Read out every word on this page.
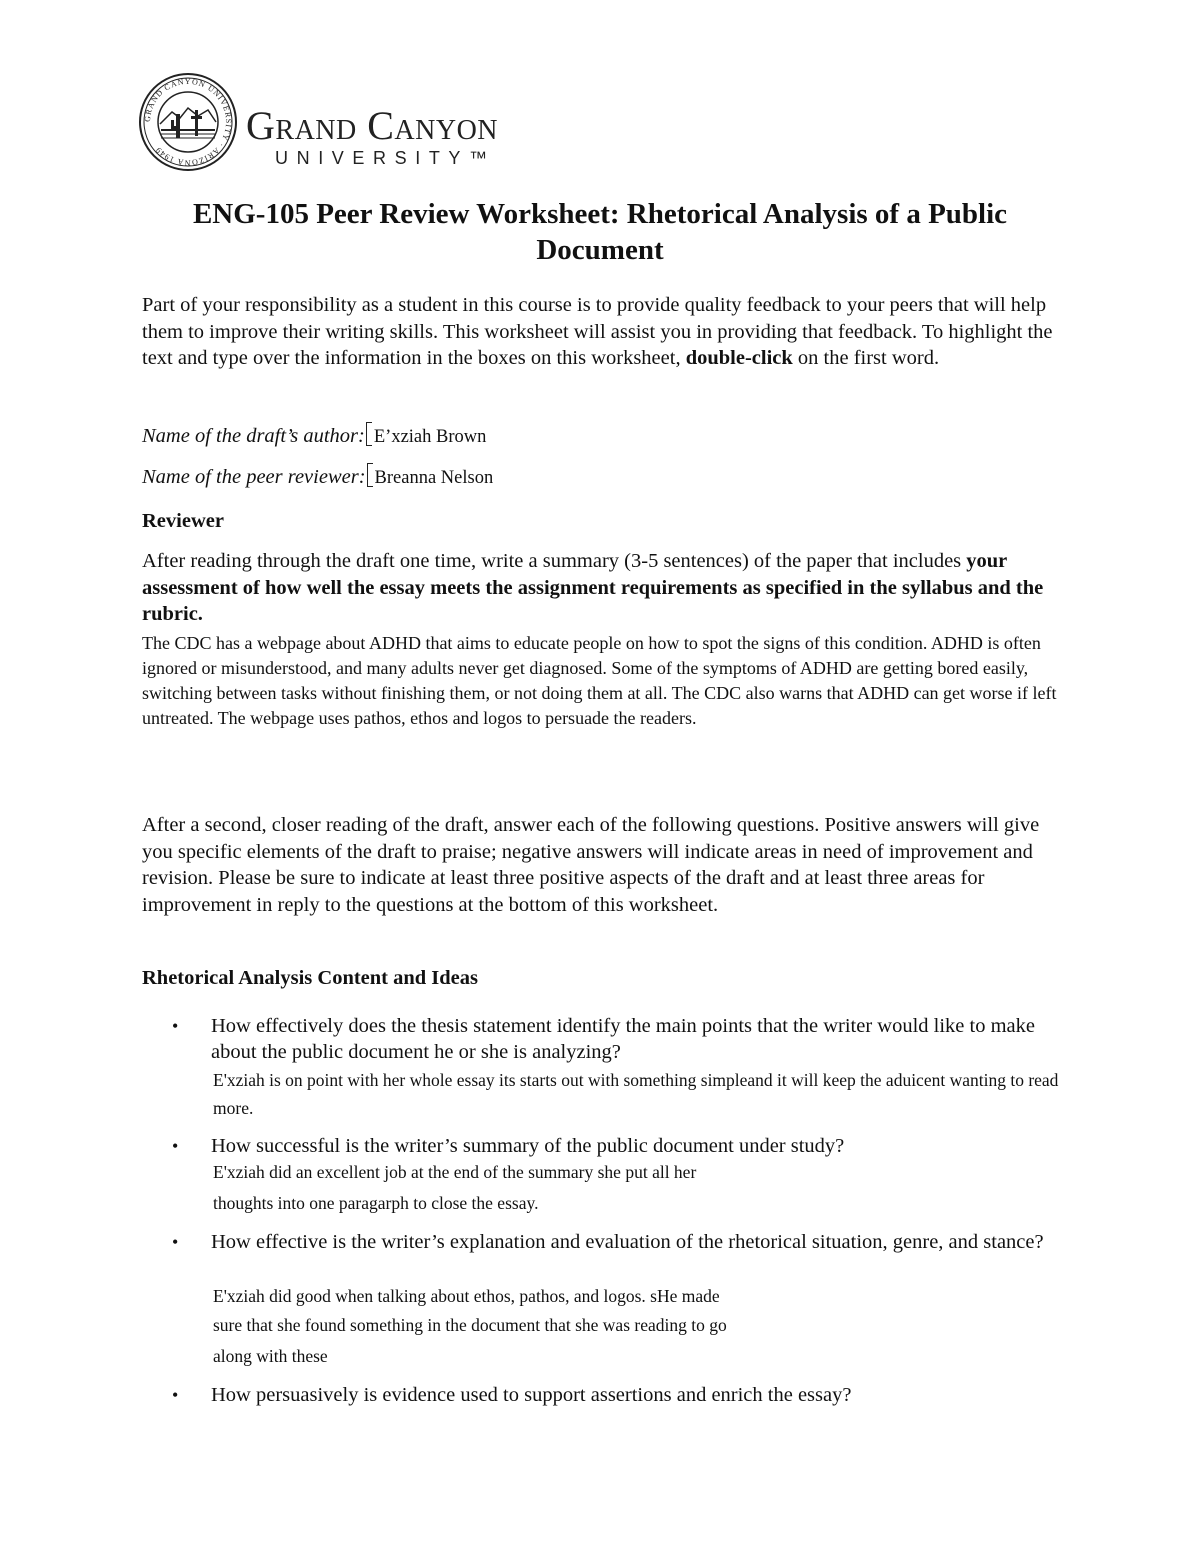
GRAND CANYON UNIVERSITY · ARIZONA 1949
Grand Canyon
UNIVERSITY™
ENG-105 Peer Review Worksheet: Rhetorical Analysis of a Public
Document
Part of your responsibility as a student in this course is to provide quality feedback to your peers that will help them to improve their writing skills. This worksheet will assist you in providing that feedback. To highlight the text and type over the information in the boxes on this worksheet, double-click on the first word.
Name of the draft’s author: E’xziah Brown
Name of the peer reviewer: Breanna Nelson
Reviewer
After reading through the draft one time, write a summary (3-5 sentences) of the paper that includes your assessment of how well the essay meets the assignment requirements as specified in the syllabus and the rubric.
The CDC has a webpage about ADHD that aims to educate people on how to spot the signs of this condition. ADHD is often ignored or misunderstood, and many adults never get diagnosed. Some of the symptoms of ADHD are getting bored easily, switching between tasks without finishing them, or not doing them at all. The CDC also warns that ADHD can get worse if left untreated. The webpage uses pathos, ethos and logos to persuade the readers.
After a second, closer reading of the draft, answer each of the following questions. Positive answers will give you specific elements of the draft to praise; negative answers will indicate areas in need of improvement and revision. Please be sure to indicate at least three positive aspects of the draft and at least three areas for improvement in reply to the questions at the bottom of this worksheet.
Rhetorical Analysis Content and Ideas
• How effectively does the thesis statement identify the main points that the writer would like to make about the public document he or she is analyzing?
E'xziah is on point with her whole essay its starts out with something simpleand it will keep the aduicent wanting to read more.
• How successful is the writer’s summary of the public document under study?
E'xziah did an excellent job at the end of the summary she put all her
thoughts into one paragarph to close the essay.
• How effective is the writer’s explanation and evaluation of the rhetorical situation, genre, and stance?
E'xziah did good when talking about ethos, pathos, and logos. sHe made
sure that she found something in the document that she was reading to go
along with these
• How persuasively is evidence used to support assertions and enrich the essay?
